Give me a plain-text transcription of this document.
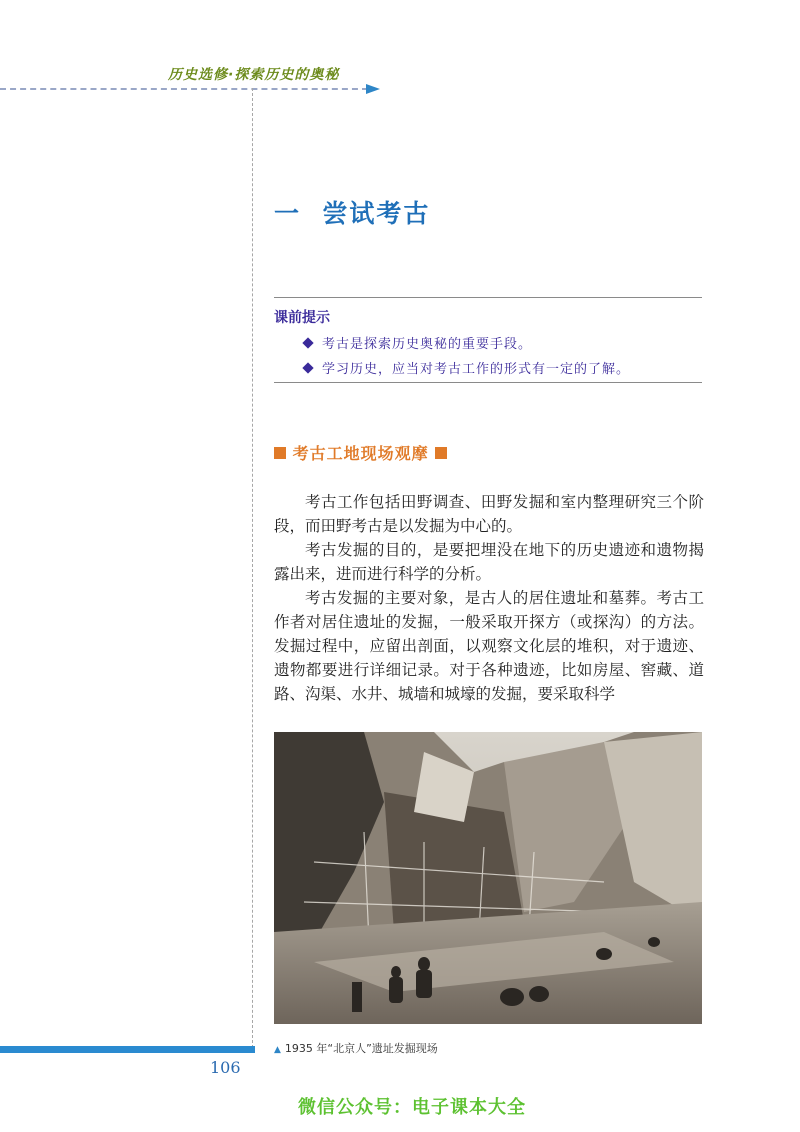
历史选修·探索历史的奥秘
一  尝试考古
课前提示
考古是探索历史奥秘的重要手段。
学习历史，应当对考古工作的形式有一定的了解。
考古工地现场观摩

考古工作包括田野调查、田野发掘和室内整理研究三个阶段，而田野考古是以发掘为中心的。

考古发掘的目的，是要把埋没在地下的历史遗迹和遗物揭露出来，进而进行科学的分析。

考古发掘的主要对象，是古人的居住遗址和墓葬。考古工作者对居住遗址的发掘，一般采取开探方（或探沟）的方法。发掘过程中，应留出剖面，以观察文化层的堆积，对于遗迹、遗物都要进行详细记录。对于各种遗迹，比如房屋、窖藏、道路、沟渠、水井、城墙和城壕的发掘，要采取科学

▲ 1935 年“北京人”遗址发掘现场
106
微信公众号：电子课本大全
